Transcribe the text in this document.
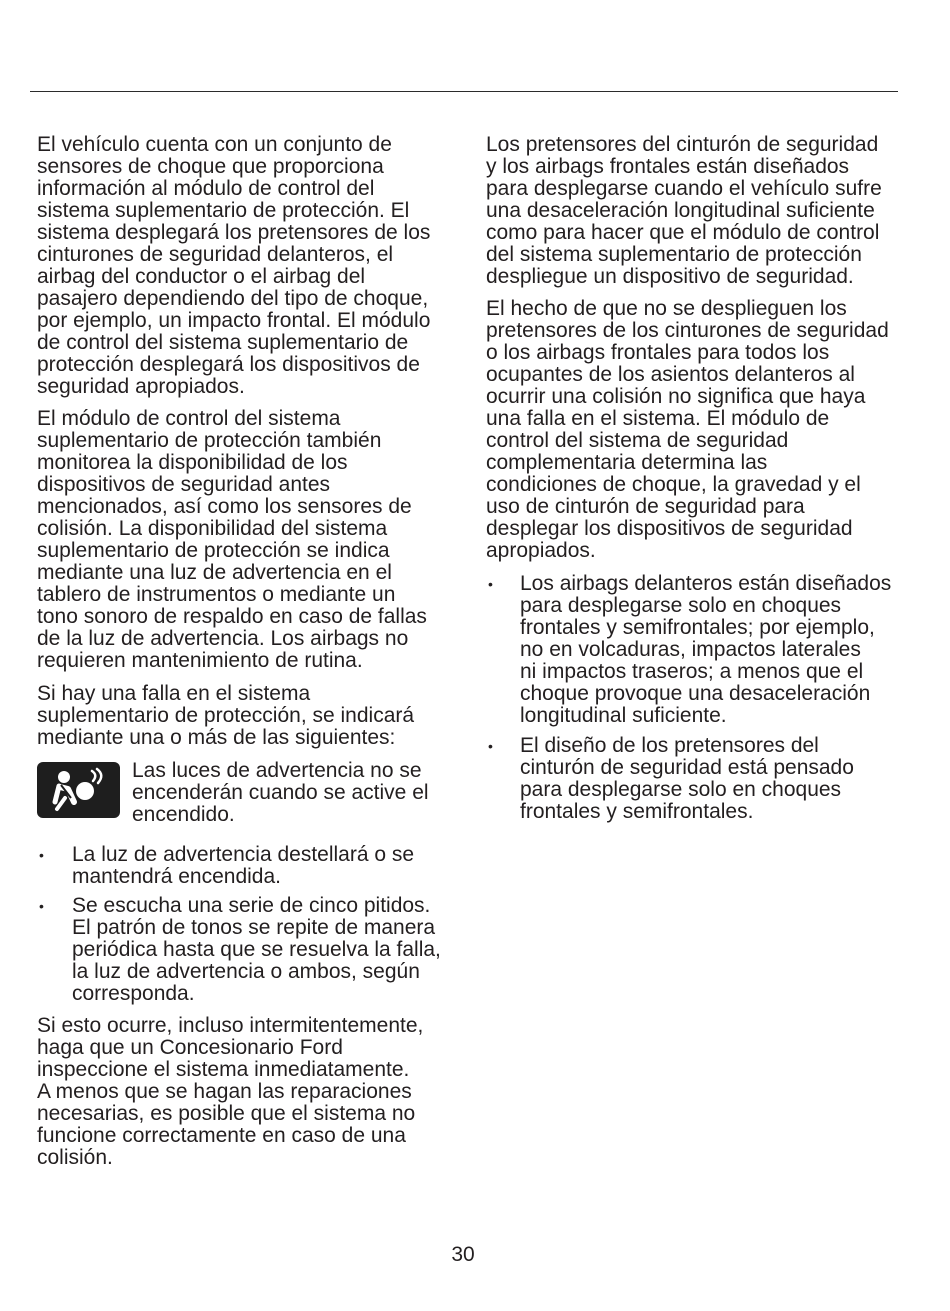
El vehículo cuenta con un conjunto de
sensores de choque que proporciona
información al módulo de control del
sistema suplementario de protección. El
sistema desplegará los pretensores de los
cinturones de seguridad delanteros, el
airbag del conductor o el airbag del
pasajero dependiendo del tipo de choque,
por ejemplo, un impacto frontal. El módulo
de control del sistema suplementario de
protección desplegará los dispositivos de
seguridad apropiados.

El módulo de control del sistema
suplementario de protección también
monitorea la disponibilidad de los
dispositivos de seguridad antes
mencionados, así como los sensores de
colisión. La disponibilidad del sistema
suplementario de protección se indica
mediante una luz de advertencia en el
tablero de instrumentos o mediante un
tono sonoro de respaldo en caso de fallas
de la luz de advertencia. Los airbags no
requieren mantenimiento de rutina.

Si hay una falla en el sistema
suplementario de protección, se indicará
mediante una o más de las siguientes:

Las luces de advertencia no se
encenderán cuando se active el
encendido.

• La luz de advertencia destellará o se
mantendrá encendida.

• Se escucha una serie de cinco pitidos.
El patrón de tonos se repite de manera
periódica hasta que se resuelva la falla,
la luz de advertencia o ambos, según
corresponda.

Si esto ocurre, incluso intermitentemente,
haga que un Concesionario Ford
inspeccione el sistema inmediatamente.
A menos que se hagan las reparaciones
necesarias, es posible que el sistema no
funcione correctamente en caso de una
colisión.

Los pretensores del cinturón de seguridad
y los airbags frontales están diseñados
para desplegarse cuando el vehículo sufre
una desaceleración longitudinal suficiente
como para hacer que el módulo de control
del sistema suplementario de protección
despliegue un dispositivo de seguridad.

El hecho de que no se desplieguen los
pretensores de los cinturones de seguridad
o los airbags frontales para todos los
ocupantes de los asientos delanteros al
ocurrir una colisión no significa que haya
una falla en el sistema. El módulo de
control del sistema de seguridad
complementaria determina las
condiciones de choque, la gravedad y el
uso de cinturón de seguridad para
desplegar los dispositivos de seguridad
apropiados.

• Los airbags delanteros están diseñados
para desplegarse solo en choques
frontales y semifrontales; por ejemplo,
no en volcaduras, impactos laterales
ni impactos traseros; a menos que el
choque provoque una desaceleración
longitudinal suficiente.

• El diseño de los pretensores del
cinturón de seguridad está pensado
para desplegarse solo en choques
frontales y semifrontales.

30
